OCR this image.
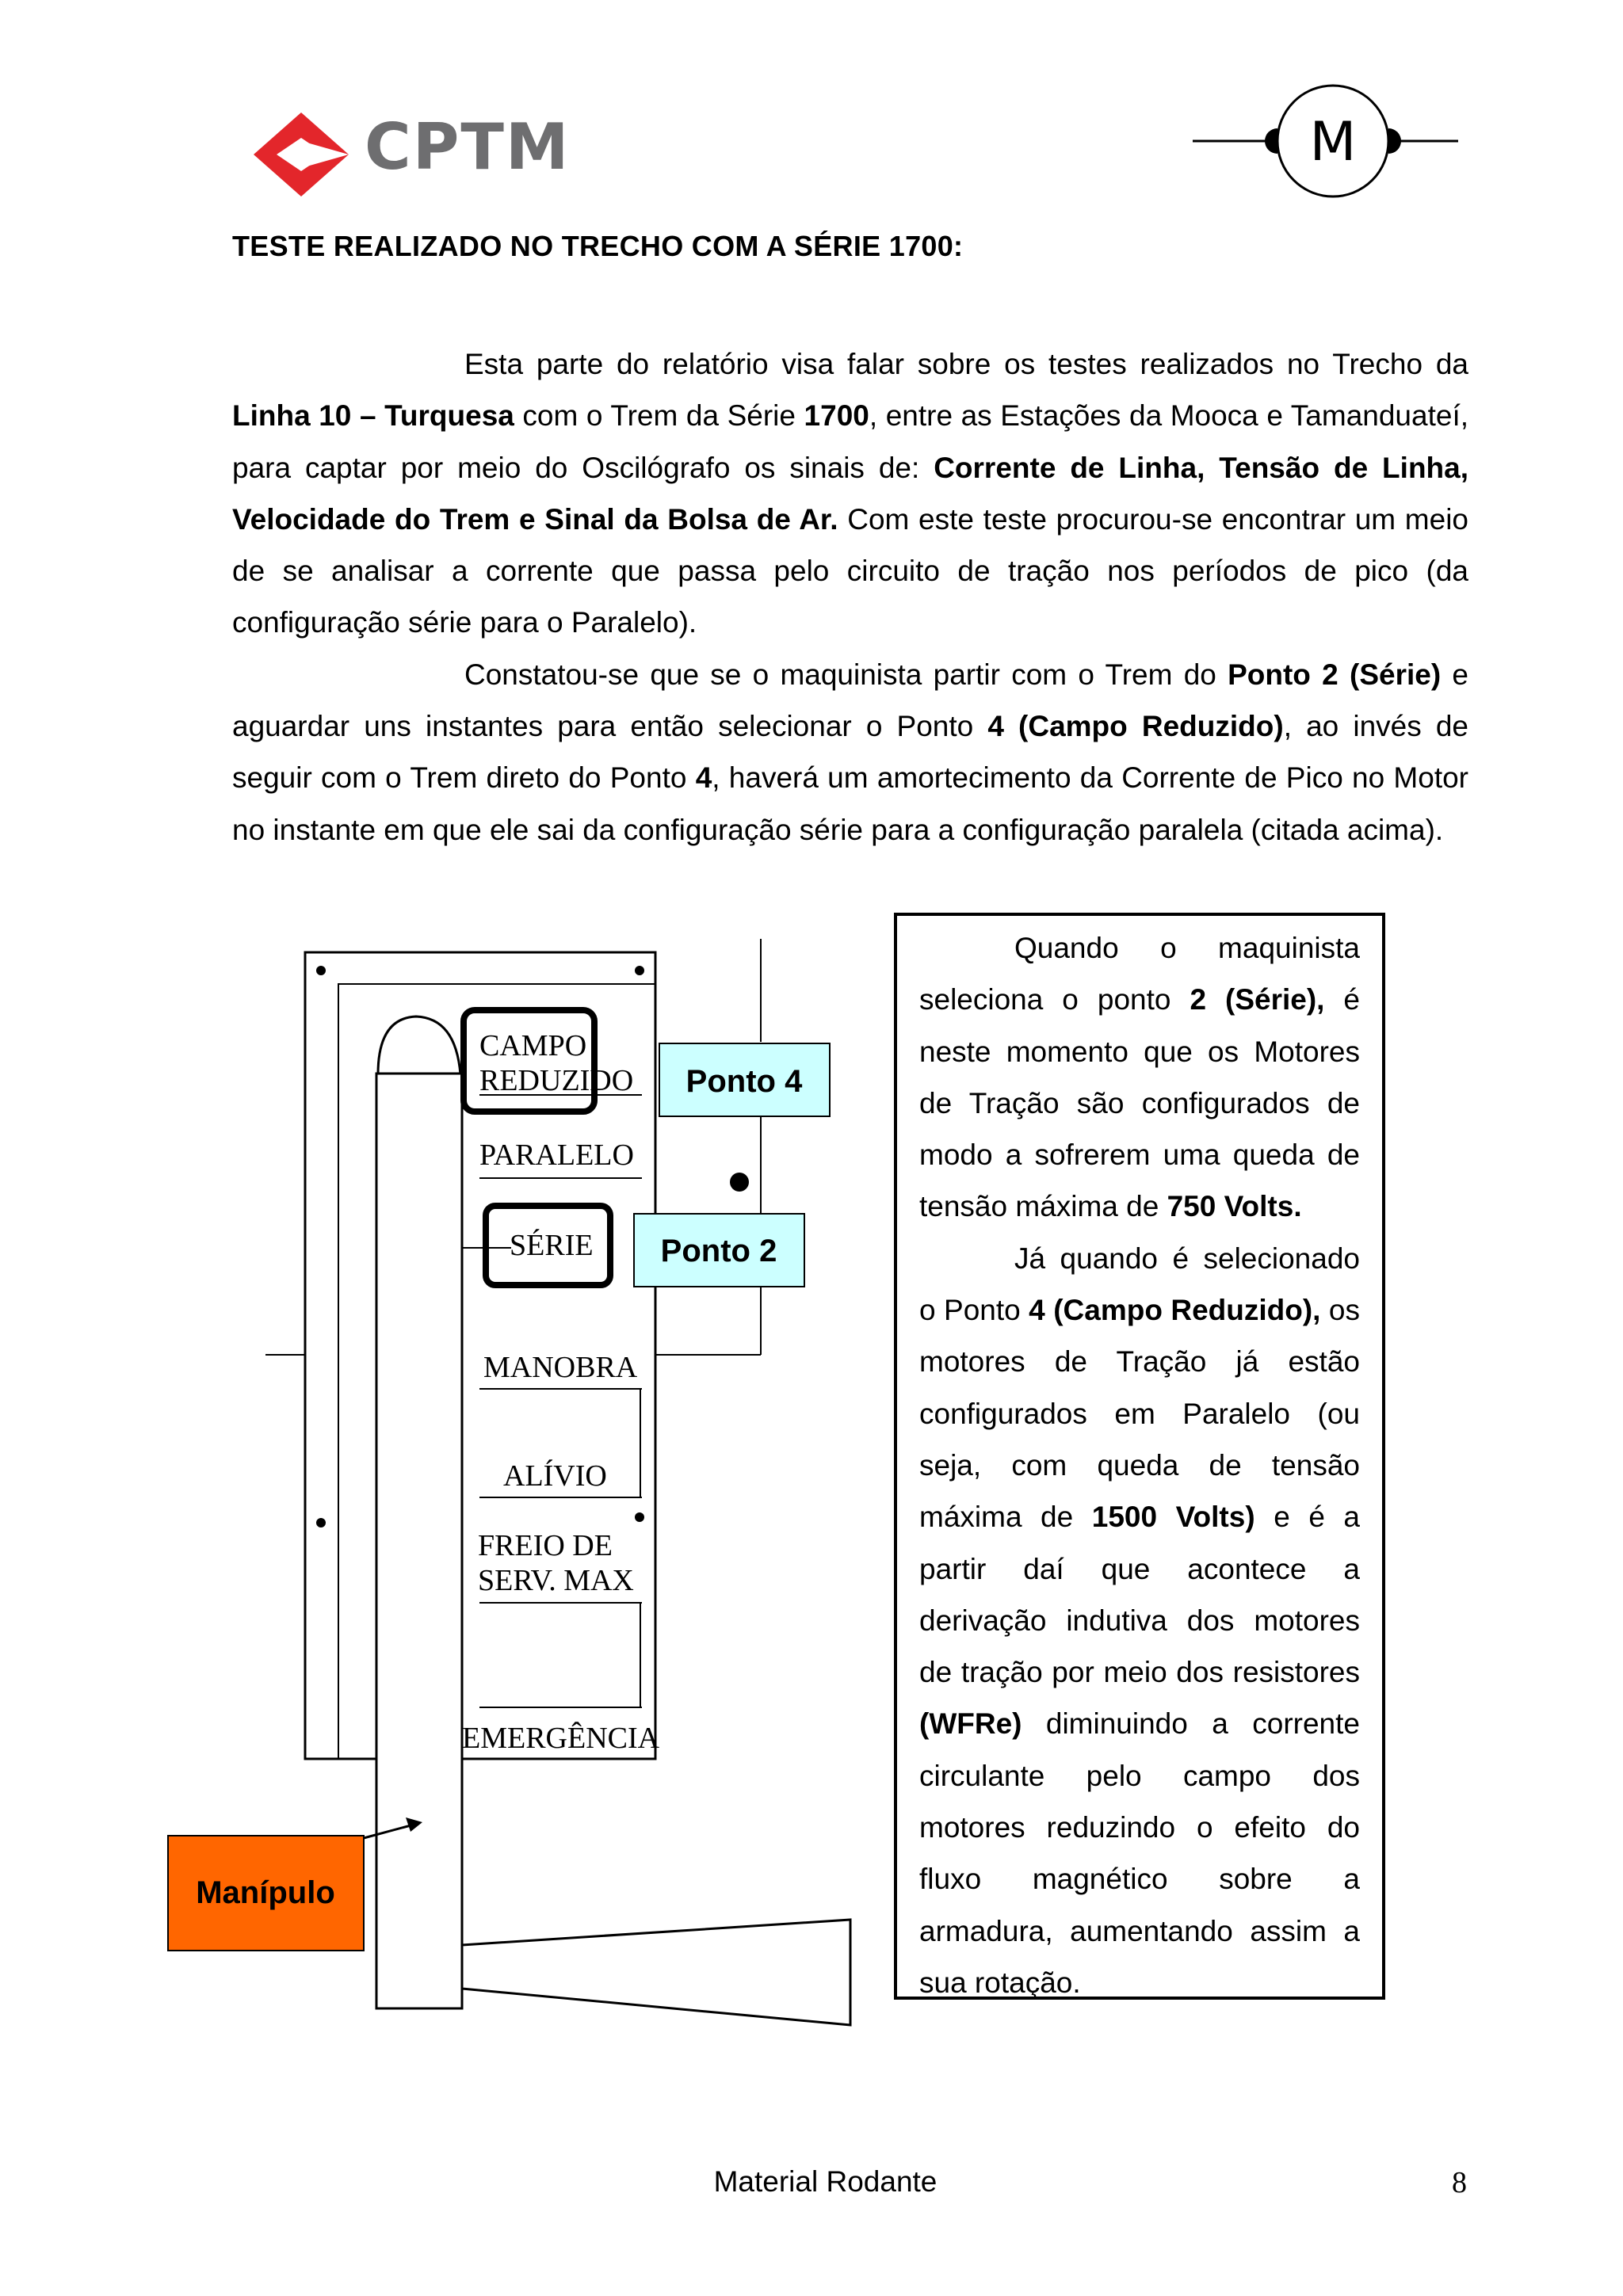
CPTM	M
TESTE REALIZADO NO TRECHO COM A SÉRIE 1700:

Esta parte do relatório visa falar sobre os testes realizados no Trecho da Linha 10 – Turquesa com o Trem da Série 1700, entre as Estações da Mooca e Tamanduateí, para captar por meio do Oscilógrafo os sinais de: Corrente de Linha, Tensão de Linha, Velocidade do Trem e Sinal da Bolsa de Ar. Com este teste procurou-se encontrar um meio de se analisar a corrente que passa pelo circuito de tração nos períodos de pico (da configuração série para o Paralelo).

Constatou-se que se o maquinista partir com o Trem do Ponto 2 (Série) e aguardar uns instantes para então selecionar o Ponto 4 (Campo Reduzido), ao invés de seguir com o Trem direto do Ponto 4, haverá um amortecimento da Corrente de Pico no Motor no instante em que ele sai da configuração série para a configuração paralela (citada acima).

CAMPO
REDUZIDO
PARALELO
SÉRIE
MANOBRA
ALÍVIO
FREIO DE
SERV. MAX
EMERGÊNCIA
Ponto 4
Ponto 2
Manípulo

Quando o maquinista seleciona o ponto 2 (Série), é neste momento que os Motores de Tração são configurados de modo a sofrerem uma queda de tensão máxima de 750 Volts.

Já quando é selecionado o Ponto 4 (Campo Reduzido), os motores de Tração já estão configurados em Paralelo (ou seja, com queda de tensão máxima de 1500 Volts) e é a partir daí que acontece a derivação indutiva dos motores de tração por meio dos resistores (WFRe) diminuindo a corrente circulante pelo campo dos motores reduzindo o efeito do fluxo magnético sobre a armadura, aumentando assim a sua rotação.

Material Rodante	8
